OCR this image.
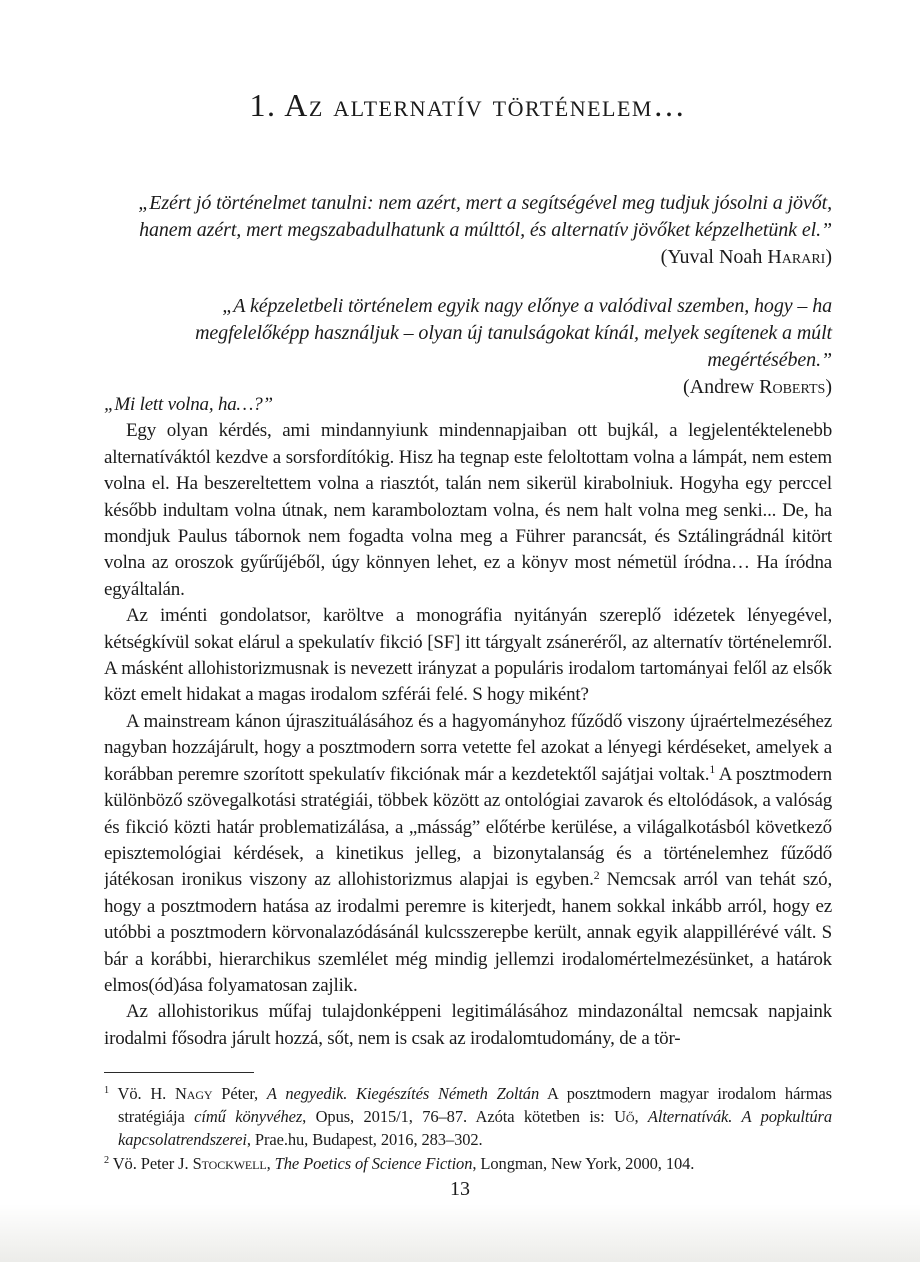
1. Az alternatív történelem…

„Ezért jó történelmet tanulni: nem azért, mert a segítségével meg tudjuk jósolni a jövőt, hanem azért, mert megszabadulhatunk a múlttól, és alternatív jövőket képzelhetünk el.”

(Yuval Noah Harari)

„A képzeletbeli történelem egyik nagy előnye a valódival szemben, hogy – ha megfelelőképp használjuk – olyan új tanulságokat kínál, melyek segítenek a múlt megértésében.”

(Andrew Roberts)

„Mi lett volna, ha…?”

Egy olyan kérdés, ami mindannyiunk mindennapjaiban ott bujkál, a legjelentéktelenebb alternatíváktól kezdve a sorsfordítókig. Hisz ha tegnap este feloltottam volna a lámpát, nem estem volna el. Ha beszereltettem volna a riasztót, talán nem sikerül kirabolniuk. Hogyha egy perccel később indultam volna útnak, nem karamboloztam volna, és nem halt volna meg senki... De, ha mondjuk Paulus tábornok nem fogadta volna meg a Führer parancsát, és Sztálingrádnál kitört volna az oroszok gyűrűjéből, úgy könnyen lehet, ez a könyv most németül íródna… Ha íródna egyáltalán.

Az iménti gondolatsor, karöltve a monográfia nyitányán szereplő idézetek lényegével, kétségkívül sokat elárul a spekulatív fikció [SF] itt tárgyalt zsáneréről, az alternatív történelemről. A másként allohistorizmusnak is nevezett irányzat a populáris irodalom tartományai felől az elsők közt emelt hidakat a magas irodalom szférái felé. S hogy miként?

A mainstream kánon újraszituálásához és a hagyományhoz fűződő viszony újraértelmezéséhez nagyban hozzájárult, hogy a posztmodern sorra vetette fel azokat a lényegi kérdéseket, amelyek a korábban peremre szorított spekulatív fikciónak már a kezdetektől sajátjai voltak.$^1$ A posztmodern különböző szövegalkotási stratégiái, többek között az ontológiai zavarok és eltolódások, a valóság és fikció közti határ problematizálása, a „másság” előtérbe kerülése, a világalkotásból következő episztemológiai kérdések, a kinetikus jelleg, a bizonytalanság és a történelemhez fűződő játékosan ironikus viszony az allohistorizmus alapjai is egyben.$^2$ Nemcsak arról van tehát szó, hogy a posztmodern hatása az irodalmi peremre is kiterjedt, hanem sokkal inkább arról, hogy ez utóbbi a posztmodern körvonalazódásánál kulcsszerepbe került, annak egyik alappillérévé vált. S bár a korábbi, hierarchikus szemlélet még mindig jellemzi irodalomértelmezésünket, a határok elmos(ód)ása folyamatosan zajlik.

Az allohistorikus műfaj tulajdonképpeni legitimálásához mindazonáltal nemcsak napjaink irodalmi fősodra járult hozzá, sőt, nem is csak az irodalomtudomány, de a tör-

$^1$ Vö. H. Nagy Péter, A negyedik. Kiegészítés Németh Zoltán A posztmodern magyar irodalom hármas stratégiája című könyvéhez, Opus, 2015/1, 76–87. Azóta kötetben is: Uő, Alternatívák. A popkultúra kapcsolatrendszerei, Prae.hu, Budapest, 2016, 283–302.

$^2$ Vö. Peter J. Stockwell, The Poetics of Science Fiction, Longman, New York, 2000, 104.

13
